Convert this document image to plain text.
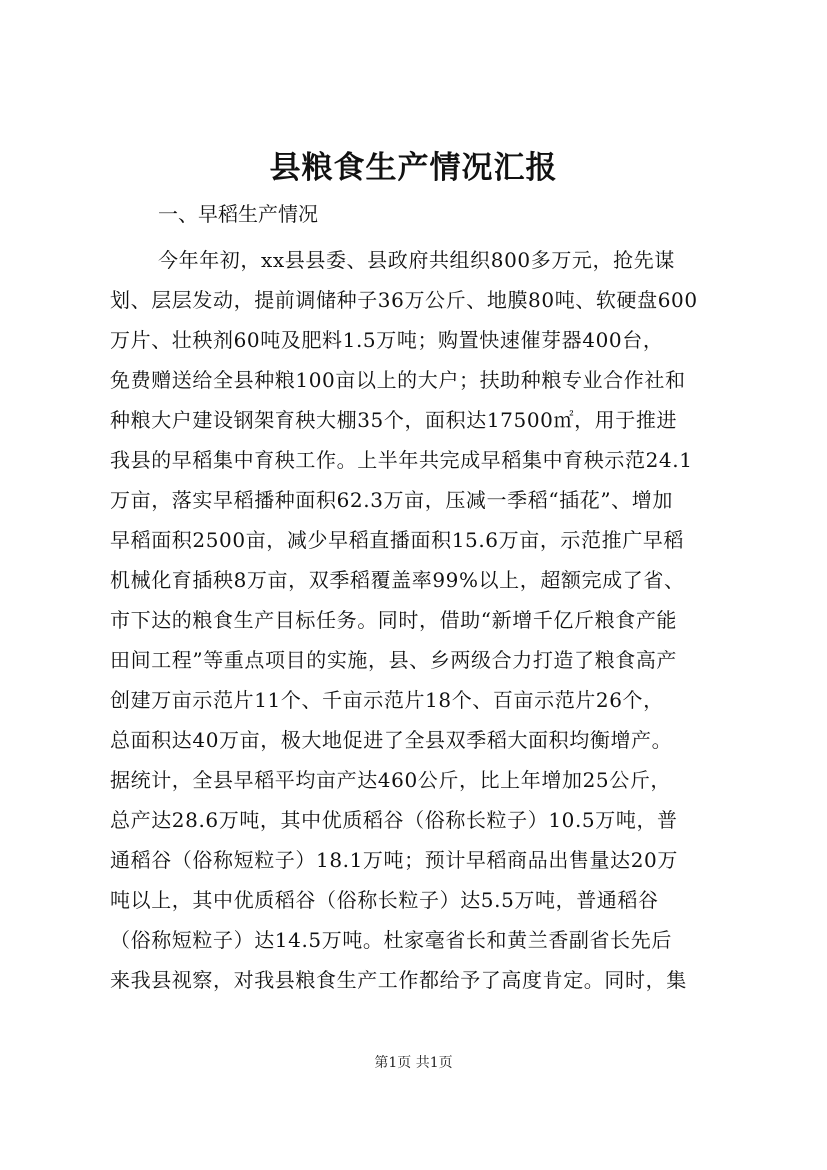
县粮食生产情况汇报
一、早稻生产情况
今年年初，xx县县委、县政府共组织800多万元，抢先谋
划、层层发动，提前调储种子36万公斤、地膜80吨、软硬盘600
万片、壮秧剂60吨及肥料1.5万吨；购置快速催芽器400台，
免费赠送给全县种粮100亩以上的大户；扶助种粮专业合作社和
种粮大户建设钢架育秧大棚35个，面积达17500㎡，用于推进
我县的早稻集中育秧工作。上半年共完成早稻集中育秧示范24.1
万亩，落实早稻播种面积62.3万亩，压减一季稻“插花”、增加
早稻面积2500亩，减少早稻直播面积15.6万亩，示范推广早稻
机械化育插秧8万亩，双季稻覆盖率99%以上，超额完成了省、
市下达的粮食生产目标任务。同时，借助“新增千亿斤粮食产能
田间工程”等重点项目的实施，县、乡两级合力打造了粮食高产
创建万亩示范片11个、千亩示范片18个、百亩示范片26个，
总面积达40万亩，极大地促进了全县双季稻大面积均衡增产。
据统计，全县早稻平均亩产达460公斤，比上年增加25公斤，
总产达28.6万吨，其中优质稻谷（俗称长粒子）10.5万吨，普
通稻谷（俗称短粒子）18.1万吨；预计早稻商品出售量达20万
吨以上，其中优质稻谷（俗称长粒子）达5.5万吨，普通稻谷
（俗称短粒子）达14.5万吨。杜家毫省长和黄兰香副省长先后
来我县视察，对我县粮食生产工作都给予了高度肯定。同时，集
第1页 共1页
